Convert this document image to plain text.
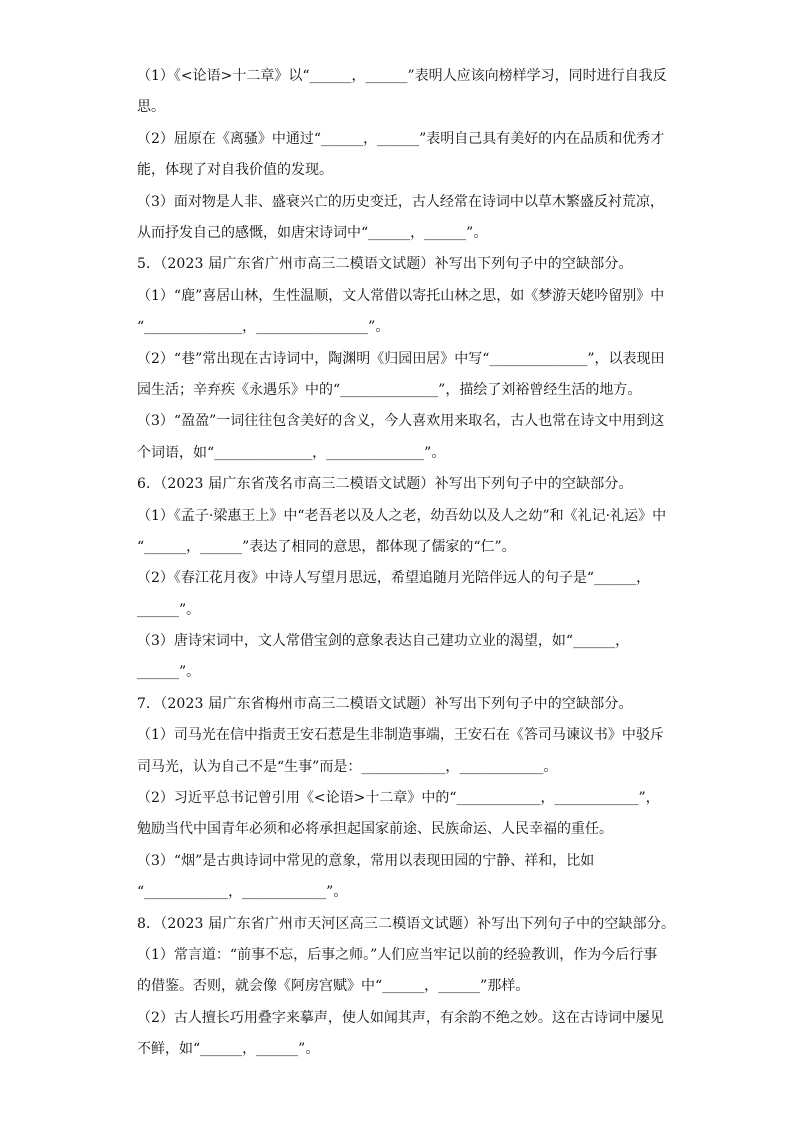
（1）《<论语>十二章》以“______，______”表明人应该向榜样学习，同时进行自我反
思。
（2）屈原在《离骚》中通过“______，______”表明自己具有美好的内在品质和优秀才
能，体现了对自我价值的发现。
（3）面对物是人非、盛衰兴亡的历史变迁，古人经常在诗词中以草木繁盛反衬荒凉，
从而抒发自己的感慨，如唐宋诗词中“______，______”。
5．（2023 届广东省广州市高三二模语文试题）补写出下列句子中的空缺部分。
（1）“鹿”喜居山林，生性温顺，文人常借以寄托山林之思，如《梦游天姥吟留别》中
“______________，________________”。
（2）“巷”常出现在古诗词中，陶渊明《归园田居》中写“______________”，以表现田
园生活；辛弃疾《永遇乐》中的“______________”，描绘了刘裕曾经生活的地方。
（3）“盈盈”一词往往包含美好的含义，今人喜欢用来取名，古人也常在诗文中用到这
个词语，如“______________，______________”。
6．（2023 届广东省茂名市高三二模语文试题）补写出下列句子中的空缺部分。
（1）《孟子·梁惠王上》中“老吾老以及人之老，幼吾幼以及人之幼”和《礼记·礼运》中
“______，______”表达了相同的意思，都体现了儒家的“仁”。
（2）《春江花月夜》中诗人写望月思远，希望追随月光陪伴远人的句子是“______，
______”。
（3）唐诗宋词中，文人常借宝剑的意象表达自己建功立业的渴望，如“______，
______”。
7．（2023 届广东省梅州市高三二模语文试题）补写出下列句子中的空缺部分。
（1）司马光在信中指责王安石惹是生非制造事端，王安石在《答司马谏议书》中驳斥
司马光，认为自己不是“生事”而是：____________，____________。
（2）习近平总书记曾引用《<论语>十二章》中的“____________，____________”，
勉励当代中国青年必须和必将承担起国家前途、民族命运、人民幸福的重任。
（3）“烟”是古典诗词中常见的意象，常用以表现田园的宁静、祥和，比如
“____________，____________”。
8．（2023 届广东省广州市天河区高三二模语文试题）补写出下列句子中的空缺部分。
（1）常言道：“前事不忘，后事之师。”人们应当牢记以前的经验教训，作为今后行事
的借鉴。否则，就会像《阿房宫赋》中“______，______”那样。
（2）古人擅长巧用叠字来摹声，使人如闻其声，有余韵不绝之妙。这在古诗词中屡见
不鲜，如“______，______”。
